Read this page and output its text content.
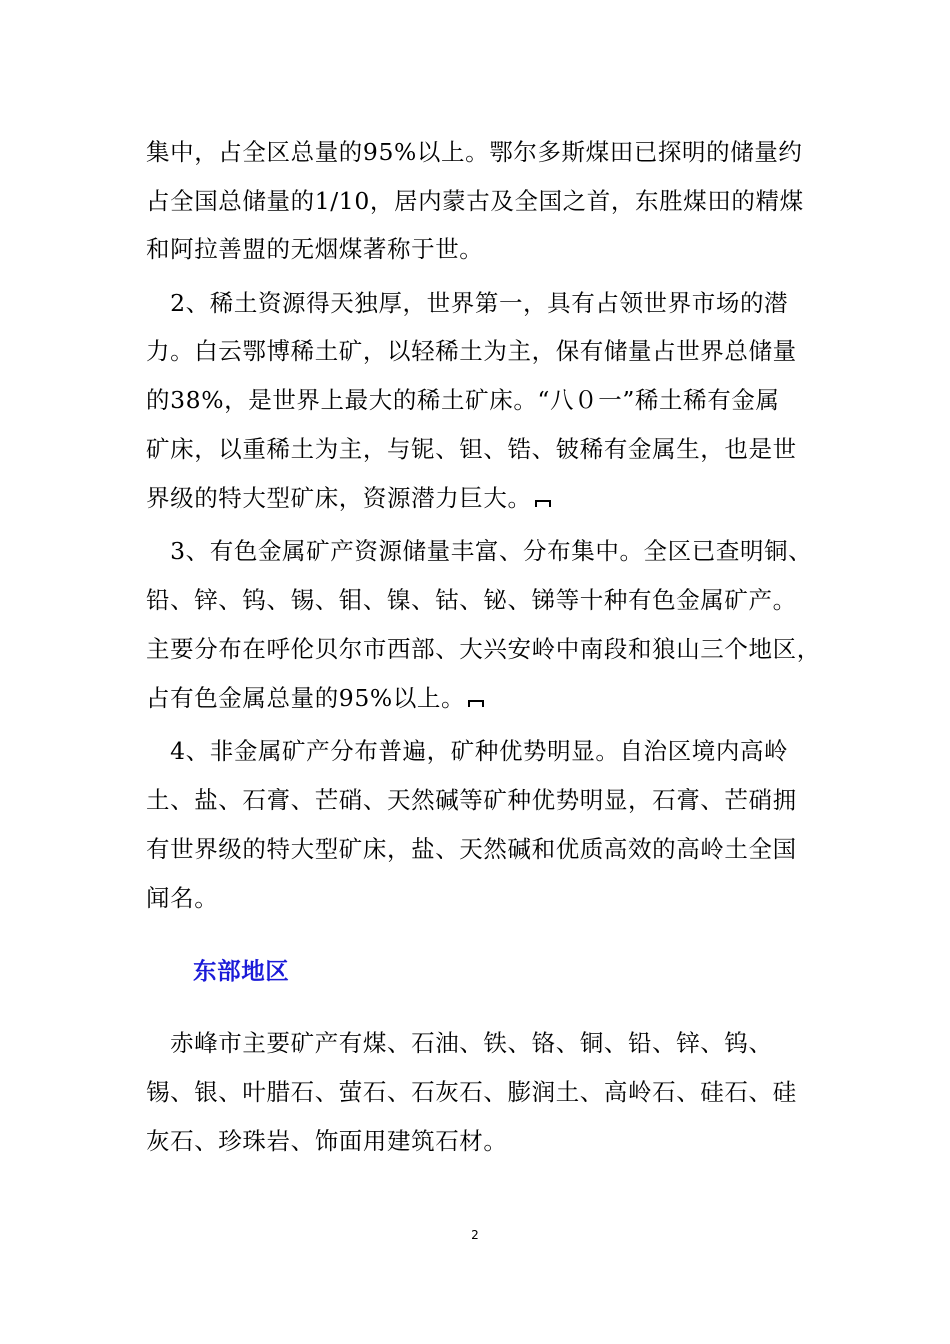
集中，占全区总量的95%以上。鄂尔多斯煤田已探明的储量约
占全国总储量的1/10，居内蒙古及全国之首，东胜煤田的精煤
和阿拉善盟的无烟煤著称于世。
　2、稀土资源得天独厚，世界第一，具有占领世界市场的潜
力。白云鄂博稀土矿，以轻稀土为主，保有储量占世界总储量
的38%，是世界上最大的稀土矿床。“八０一”稀土稀有金属
矿床，以重稀土为主，与铌、钽、锆、铍稀有金属生，也是世
界级的特大型矿床，资源潜力巨大。
　3、有色金属矿产资源储量丰富、分布集中。全区已查明铜、
铅、锌、钨、锡、钼、镍、钴、铋、锑等十种有色金属矿产。
主要分布在呼伦贝尔市西部、大兴安岭中南段和狼山三个地区，
占有色金属总量的95%以上。
　4、非金属矿产分布普遍，矿种优势明显。自治区境内高岭
土、盐、石膏、芒硝、天然碱等矿种优势明显，石膏、芒硝拥
有世界级的特大型矿床，盐、天然碱和优质高效的高岭土全国
闻名。
东部地区
　赤峰市主要矿产有煤、石油、铁、铬、铜、铅、锌、钨、
锡、银、叶腊石、萤石、石灰石、膨润土、高岭石、硅石、硅
灰石、珍珠岩、饰面用建筑石材。
2
